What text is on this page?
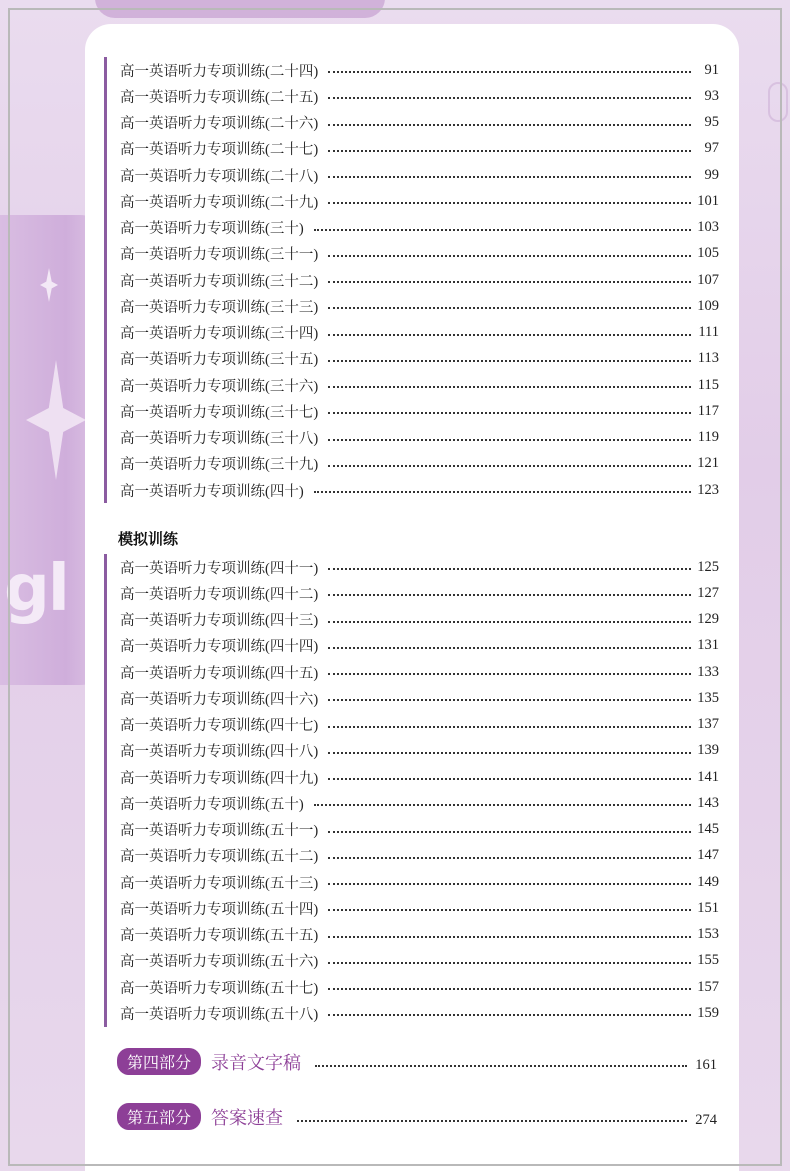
gl
高一英语听力专项训练(二十四)	91
高一英语听力专项训练(二十五)	93
高一英语听力专项训练(二十六)	95
高一英语听力专项训练(二十七)	97
高一英语听力专项训练(二十八)	99
高一英语听力专项训练(二十九)	101
高一英语听力专项训练(三十)	103
高一英语听力专项训练(三十一)	105
高一英语听力专项训练(三十二)	107
高一英语听力专项训练(三十三)	109
高一英语听力专项训练(三十四)	111
高一英语听力专项训练(三十五)	113
高一英语听力专项训练(三十六)	115
高一英语听力专项训练(三十七)	117
高一英语听力专项训练(三十八)	119
高一英语听力专项训练(三十九)	121
高一英语听力专项训练(四十)	123
模拟训练
高一英语听力专项训练(四十一)	125
高一英语听力专项训练(四十二)	127
高一英语听力专项训练(四十三)	129
高一英语听力专项训练(四十四)	131
高一英语听力专项训练(四十五)	133
高一英语听力专项训练(四十六)	135
高一英语听力专项训练(四十七)	137
高一英语听力专项训练(四十八)	139
高一英语听力专项训练(四十九)	141
高一英语听力专项训练(五十)	143
高一英语听力专项训练(五十一)	145
高一英语听力专项训练(五十二)	147
高一英语听力专项训练(五十三)	149
高一英语听力专项训练(五十四)	151
高一英语听力专项训练(五十五)	153
高一英语听力专项训练(五十六)	155
高一英语听力专项训练(五十七)	157
高一英语听力专项训练(五十八)	159
第四部分	录音文字稿	161
第五部分	答案速查	274
